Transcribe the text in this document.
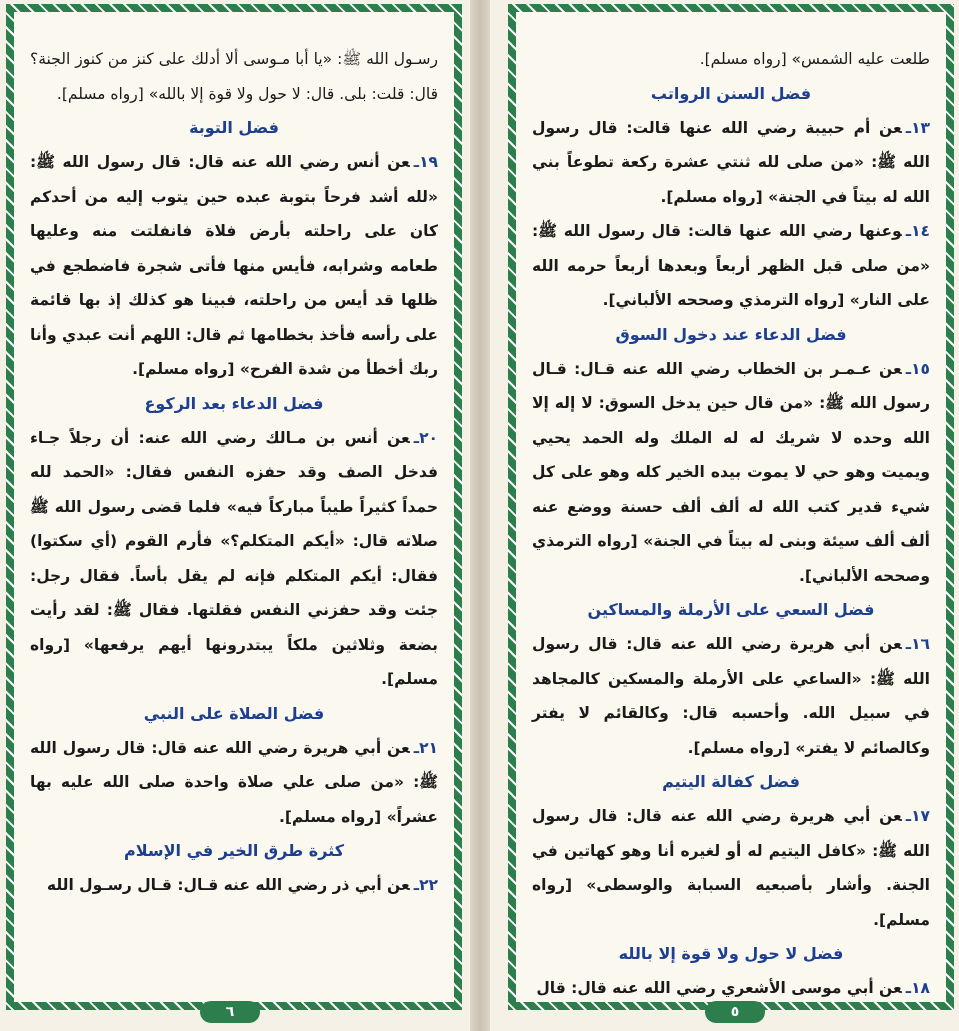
رسـول الله ﷺ: «يا أبا مـوسى ألا أدلك على كنز من كنوز الجنة؟ قال: قلت: بلى. قال: لا حول ولا قوة إلا بالله» [رواه مسلم].

فضل التوبة

١٩ـعن أنس رضي الله عنه قال: قال رسول الله ﷺ: «لله أشد فرحاً بتوبة عبده حين يتوب إليه من أحدكم كان على راحلته بأرض فلاة فانفلتت منه وعليها طعامه وشرابه، فأيس منها فأتى شجرة فاضطجع في ظلها قد أيس من راحلته، فبينا هو كذلك إذ بها قائمة على رأسه فأخذ بخطامها ثم قال: اللهم أنت عبدي وأنا ربك أخطأ من شدة الفرح» [رواه مسلم].

فضل الدعاء بعد الركوع

٢٠ـعن أنس بن مـالك رضي الله عنه: أن رجلاً جـاء فدخل الصف وقد حفزه النفس فقال: «الحمد لله حمداً كثيراً طيباً مباركاً فيه» فلما قضى رسول الله ﷺ صلاته قال: «أيكم المتكلم؟» فأرم القوم (أي سكتوا) فقال: أيكم المتكلم فإنه لم يقل بأساً. فقال رجل: جئت وقد حفزني النفس فقلتها. فقال ﷺ: لقد رأيت بضعة وثلاثين ملكاً يبتدرونها أيهم يرفعها» [رواه مسلم].

فضل الصلاة على النبي

٢١ـعن أبي هريرة رضي الله عنه قال: قال رسول الله ﷺ: «من صلى علي صلاة واحدة صلى الله عليه بها عشراً» [رواه مسلم].

كثرة طرق الخير في الإسلام

٢٢ـعن أبي ذر رضي الله عنه قـال: قـال رسـول الله

٦

طلعت عليه الشمس» [رواه مسلم].

فضل السنن الرواتب

١٣ـعن أم حبيبة رضي الله عنها قالت: قال رسول الله ﷺ: «من صلى لله ثنتي عشرة ركعة تطوعاً بني الله له بيتاً في الجنة» [رواه مسلم].

١٤ـوعنها رضي الله عنها قالت: قال رسول الله ﷺ: «من صلى قبل الظهر أربعاً وبعدها أربعاً حرمه الله على النار» [رواه الترمذي وصححه الألباني].

فضل الدعاء عند دخول السوق

١٥ـعن عـمـر بن الخطاب رضي الله عنه قـال: قـال رسول الله ﷺ: «من قال حين يدخل السوق: لا إله إلا الله وحده لا شريك له له الملك وله الحمد يحيي ويميت وهو حي لا يموت بيده الخير كله وهو على كل شيء قدير كتب الله له ألف ألف حسنة ووضع عنه ألف ألف سيئة وبنى له بيتاً في الجنة» [رواه الترمذي وصححه الألباني].

فضل السعي على الأرملة والمساكين

١٦ـعن أبي هريرة رضي الله عنه قال: قال رسول الله ﷺ: «الساعي على الأرملة والمسكين كالمجاهد في سبيل الله. وأحسبه قال: وكالقائم لا يفتر وكالصائم لا يفتر» [رواه مسلم].

فضل كفالة اليتيم

١٧ـعن أبي هريرة رضي الله عنه قال: قال رسول الله ﷺ: «كافل اليتيم له أو لغيره أنا وهو كهاتين في الجنة. وأشار بأصبعيه السبابة والوسطى» [رواه مسلم].

فضل لا حول ولا قوة إلا بالله

١٨ـعن أبي موسى الأشعري رضي الله عنه قال: قال

٥
